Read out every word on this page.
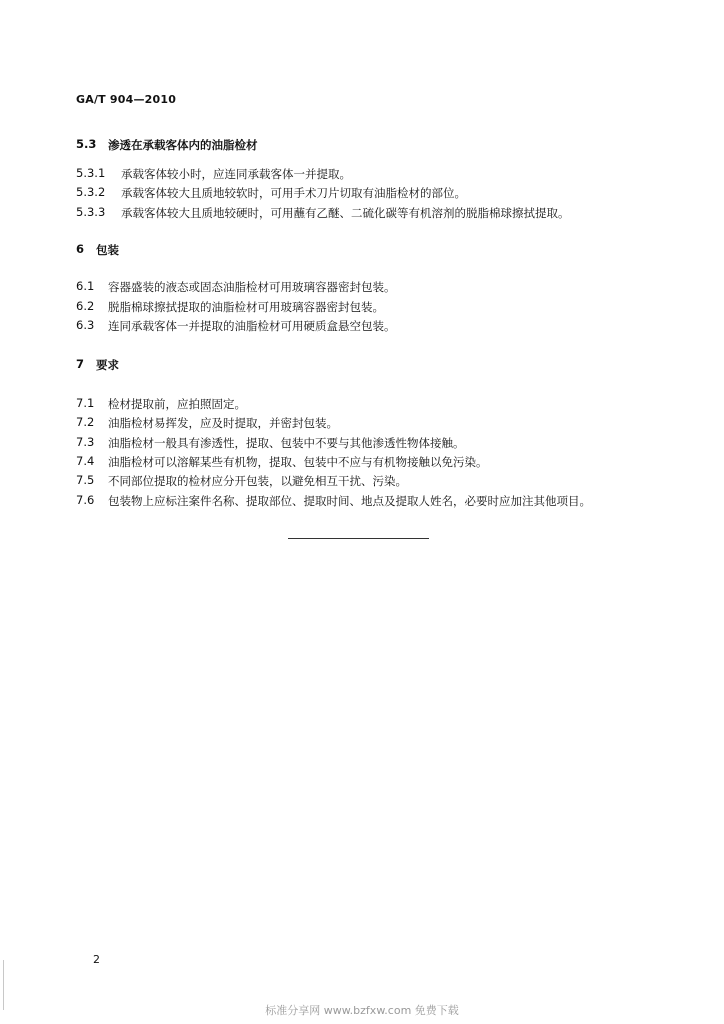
GA/T 904—2010
5.3 渗透在承载客体内的油脂检材
5.3.1 承载客体较小时，应连同承载客体一并提取。
5.3.2 承载客体较大且质地较软时，可用手术刀片切取有油脂检材的部位。
5.3.3 承载客体较大且质地较硬时，可用蘸有乙醚、二硫化碳等有机溶剂的脱脂棉球擦拭提取。
6 包装
6.1 容器盛装的液态或固态油脂检材可用玻璃容器密封包装。
6.2 脱脂棉球擦拭提取的油脂检材可用玻璃容器密封包装。
6.3 连同承载客体一并提取的油脂检材可用硬质盒悬空包装。
7 要求
7.1 检材提取前，应拍照固定。
7.2 油脂检材易挥发，应及时提取，并密封包装。
7.3 油脂检材一般具有渗透性，提取、包装中不要与其他渗透性物体接触。
7.4 油脂检材可以溶解某些有机物，提取、包装中不应与有机物接触以免污染。
7.5 不同部位提取的检材应分开包装，以避免相互干扰、污染。
7.6 包装物上应标注案件名称、提取部位、提取时间、地点及提取人姓名，必要时应加注其他项目。
2
标准分享网 www.bzfxw.com 免费下载
